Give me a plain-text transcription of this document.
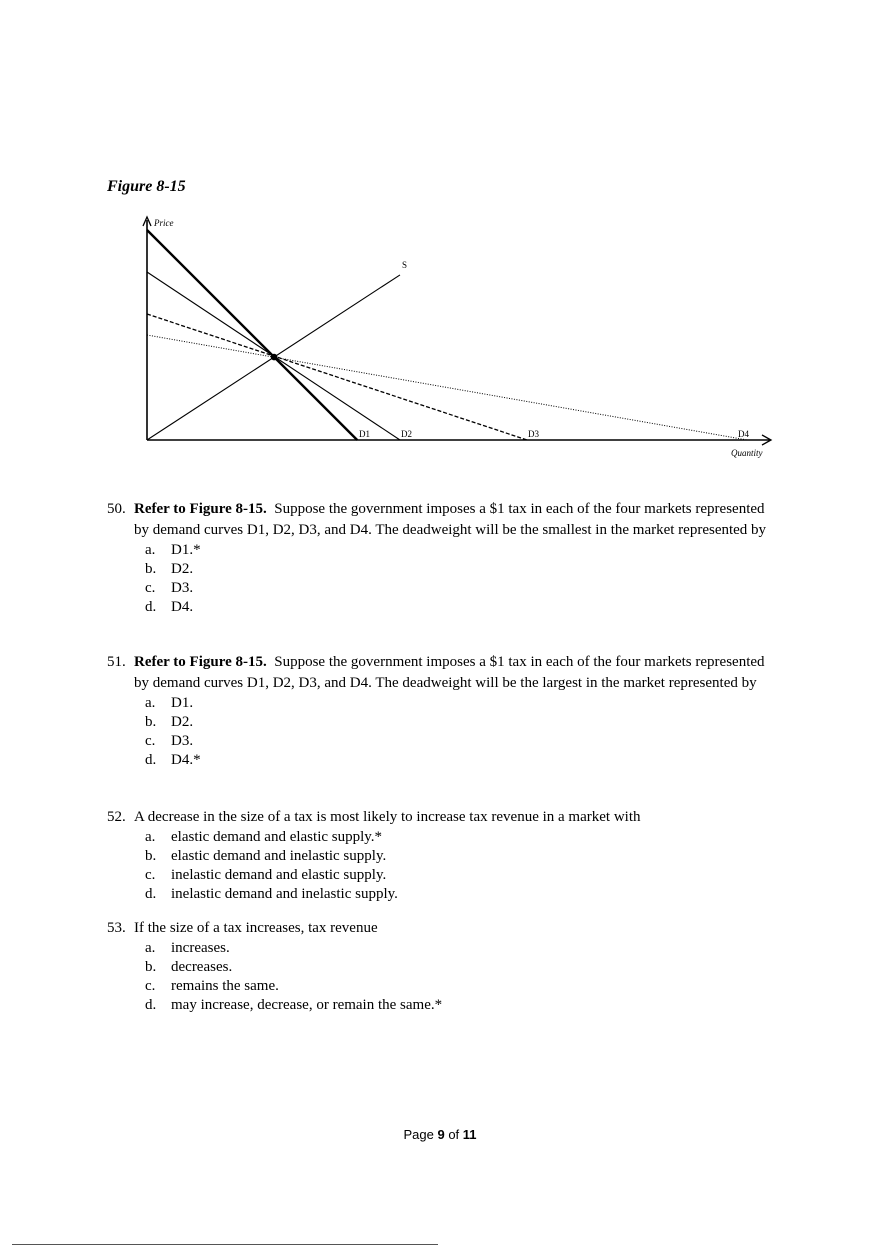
Figure 8-15
Price
Quantity
S
D1	D2	D3	D4
50. Refer to Figure 8-15. Suppose the government imposes a $1 tax in each of the four markets represented by demand curves D1, D2, D3, and D4. The deadweight will be the smallest in the market represented by
a. D1.*
b. D2.
c. D3.
d. D4.
51. Refer to Figure 8-15. Suppose the government imposes a $1 tax in each of the four markets represented by demand curves D1, D2, D3, and D4. The deadweight will be the largest in the market represented by
a. D1.
b. D2.
c. D3.
d. D4.*
52. A decrease in the size of a tax is most likely to increase tax revenue in a market with
a. elastic demand and elastic supply.*
b. elastic demand and inelastic supply.
c. inelastic demand and elastic supply.
d. inelastic demand and inelastic supply.
53. If the size of a tax increases, tax revenue
a. increases.
b. decreases.
c. remains the same.
d. may increase, decrease, or remain the same.*
Page 9 of 11
